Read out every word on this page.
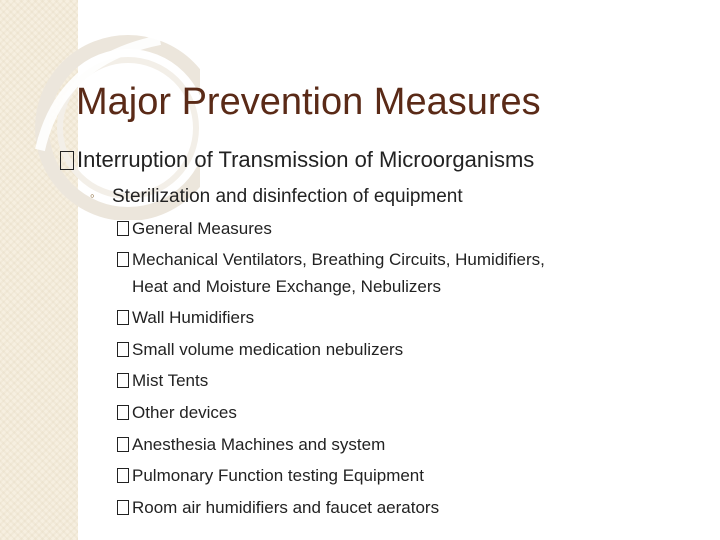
Major Prevention Measures
Interruption of Transmission of Microorganisms
◦ Sterilization and disinfection of equipment
General Measures
Mechanical Ventilators, Breathing Circuits, Humidifiers,
Heat and Moisture Exchange, Nebulizers
Wall Humidifiers
Small volume medication nebulizers
Mist Tents
Other devices
Anesthesia Machines and system
Pulmonary Function testing Equipment
Room air humidifiers and faucet aerators
